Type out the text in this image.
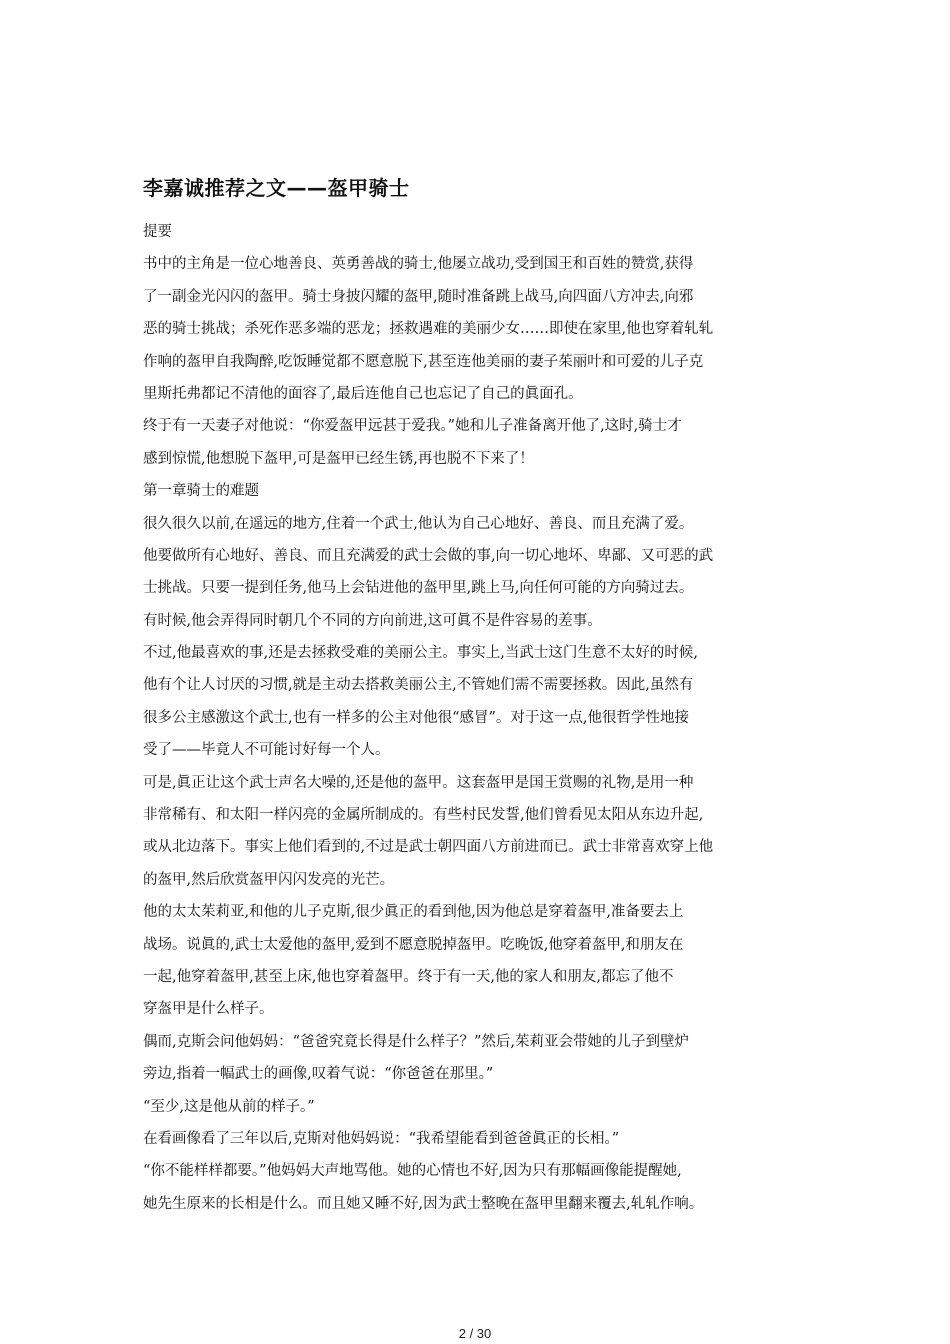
李嘉诚推荐之文——盔甲骑士
提要
书中的主角是一位心地善良、英勇善战的骑士,他屡立战功,受到国王和百姓的赞赏,获得
了一副金光闪闪的盔甲。骑士身披闪耀的盔甲,随时准备跳上战马,向四面八方冲去,向邪
恶的骑士挑战；杀死作恶多端的恶龙；拯救遇难的美丽少女……即使在家里,他也穿着轧轧
作响的盔甲自我陶醉,吃饭睡觉都不愿意脱下,甚至连他美丽的妻子茱丽叶和可爱的儿子克
里斯托弗都记不清他的面容了,最后连他自己也忘记了自己的眞面孔。
终于有一天妻子对他说：“你爱盔甲远甚于爱我。”她和儿子准备离开他了,这时,骑士才
感到惊慌,他想脱下盔甲,可是盔甲已经生锈,再也脱不下来了！
第一章骑士的难题
很久很久以前,在遥远的地方,住着一个武士,他认为自己心地好、善良、而且充满了爱。
他要做所有心地好、善良、而且充满爱的武士会做的事,向一切心地坏、卑鄙、又可恶的武
士挑战。只要一提到任务,他马上会钻进他的盔甲里,跳上马,向任何可能的方向骑过去。
有时候,他会弄得同时朝几个不同的方向前进,这可眞不是件容易的差事。
不过,他最喜欢的事,还是去拯救受难的美丽公主。事实上,当武士这门生意不太好的时候,
他有个让人讨厌的习惯,就是主动去搭救美丽公主,不管她们需不需要拯救。因此,虽然有
很多公主感激这个武士,也有一样多的公主对他很“感冒”。对于这一点,他很哲学性地接
受了——毕竟人不可能讨好每一个人。
可是,眞正让这个武士声名大噪的,还是他的盔甲。这套盔甲是国王赏赐的礼物,是用一种
非常稀有、和太阳一样闪亮的金属所制成的。有些村民发誓,他们曾看见太阳从东边升起,
或从北边落下。事实上他们看到的,不过是武士朝四面八方前进而已。武士非常喜欢穿上他
的盔甲,然后欣赏盔甲闪闪发亮的光芒。
他的太太茱莉亚,和他的儿子克斯,很少眞正的看到他,因为他总是穿着盔甲,准备要去上
战场。说眞的,武士太爱他的盔甲,爱到不愿意脱掉盔甲。吃晚饭,他穿着盔甲,和朋友在
一起,他穿着盔甲,甚至上床,他也穿着盔甲。终于有一天,他的家人和朋友,都忘了他不
穿盔甲是什么样子。
偶而,克斯会问他妈妈：“爸爸究竟长得是什么样子？”然后,茱莉亚会带她的儿子到壁炉
旁边,指着一幅武士的画像,叹着气说：“你爸爸在那里。”
“至少,这是他从前的样子。”
在看画像看了三年以后,克斯对他妈妈说：“我希望能看到爸爸眞正的长相。”
“你不能样样都要。”他妈妈大声地骂他。她的心情也不好,因为只有那幅画像能提醒她,
她先生原来的长相是什么。而且她又睡不好,因为武士整晚在盔甲里翻来覆去,轧轧作响。
2 / 30
